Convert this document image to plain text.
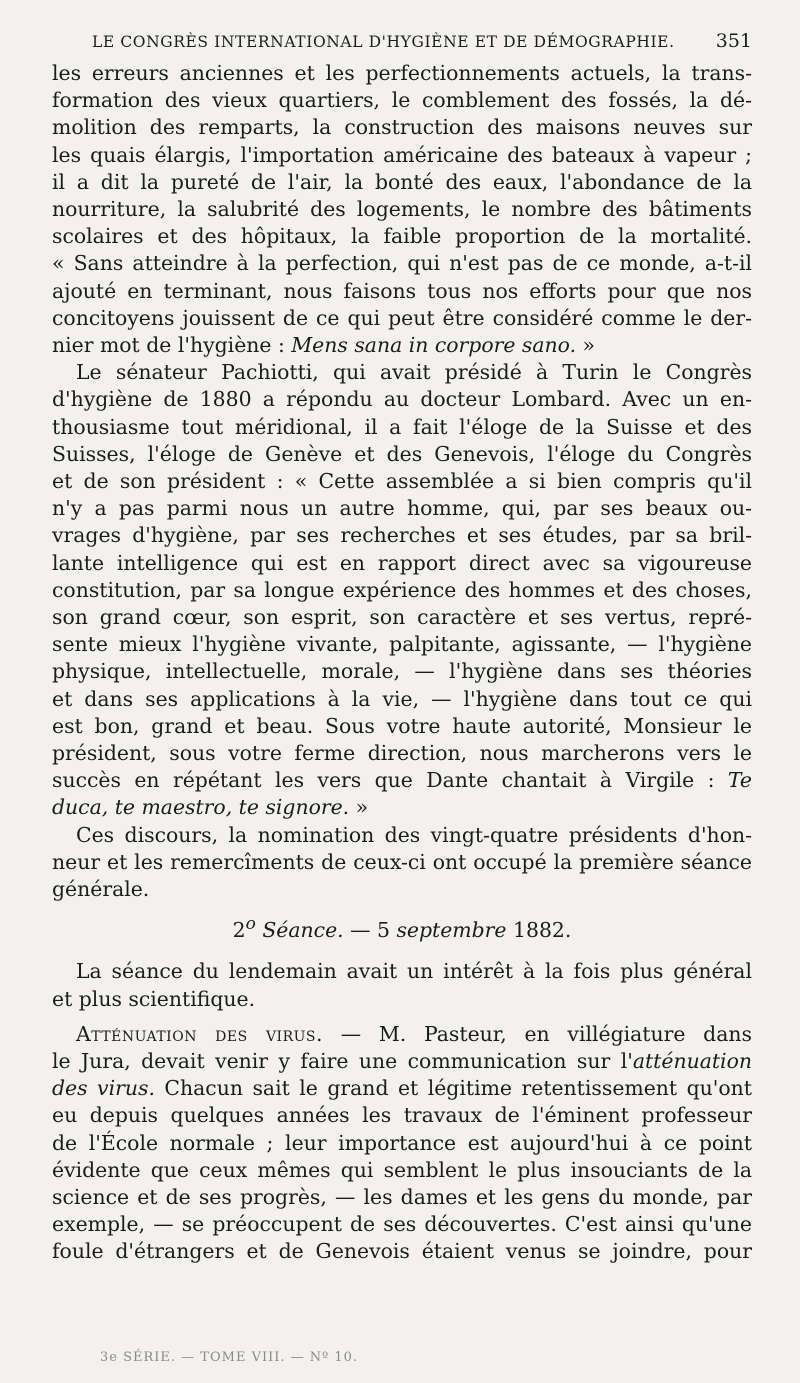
LE CONGRÈS INTERNATIONAL D'HYGIÈNE ET DE DÉMOGRAPHIE. 351
les erreurs anciennes et les perfectionnements actuels, la trans-
formation des vieux quartiers, le comblement des fossés, la dé-
molition des remparts, la construction des maisons neuves sur
les quais élargis, l'importation américaine des bateaux à vapeur ;
il a dit la pureté de l'air, la bonté des eaux, l'abondance de la
nourriture, la salubrité des logements, le nombre des bâtiments
scolaires et des hôpitaux, la faible proportion de la mortalité.
« Sans atteindre à la perfection, qui n'est pas de ce monde, a-t-il
ajouté en terminant, nous faisons tous nos efforts pour que nos
concitoyens jouissent de ce qui peut être considéré comme le der-
nier mot de l'hygiène : Mens sana in corpore sano. »
Le sénateur Pachiotti, qui avait présidé à Turin le Congrès
d'hygiène de 1880 a répondu au docteur Lombard. Avec un en-
thousiasme tout méridional, il a fait l'éloge de la Suisse et des
Suisses, l'éloge de Genève et des Genevois, l'éloge du Congrès
et de son président : « Cette assemblée a si bien compris qu'il
n'y a pas parmi nous un autre homme, qui, par ses beaux ou-
vrages d'hygiène, par ses recherches et ses études, par sa bril-
lante intelligence qui est en rapport direct avec sa vigoureuse
constitution, par sa longue expérience des hommes et des choses,
son grand cœur, son esprit, son caractère et ses vertus, repré-
sente mieux l'hygiène vivante, palpitante, agissante, — l'hygiène
physique, intellectuelle, morale, — l'hygiène dans ses théories
et dans ses applications à la vie, — l'hygiène dans tout ce qui
est bon, grand et beau. Sous votre haute autorité, Monsieur le
président, sous votre ferme direction, nous marcherons vers le
succès en répétant les vers que Dante chantait à Virgile : Te
duca, te maestro, te signore. »
Ces discours, la nomination des vingt-quatre présidents d'hon-
neur et les remercîments de ceux-ci ont occupé la première séance
générale.
2$^o$ Séance. — 5 septembre 1882.
La séance du lendemain avait un intérêt à la fois plus général
et plus scientifique.
Atténuation des virus. — M. Pasteur, en villégiature dans
le Jura, devait venir y faire une communication sur l'atténuation
des virus. Chacun sait le grand et légitime retentissement qu'ont
eu depuis quelques années les travaux de l'éminent professeur
de l'École normale ; leur importance est aujourd'hui à ce point
évidente que ceux mêmes qui semblent le plus insouciants de la
science et de ses progrès, — les dames et les gens du monde, par
exemple, — se préoccupent de ses découvertes. C'est ainsi qu'une
foule d'étrangers et de Genevois étaient venus se joindre, pour
3e SÉRIE. — TOME VIII. — Nº 10.
